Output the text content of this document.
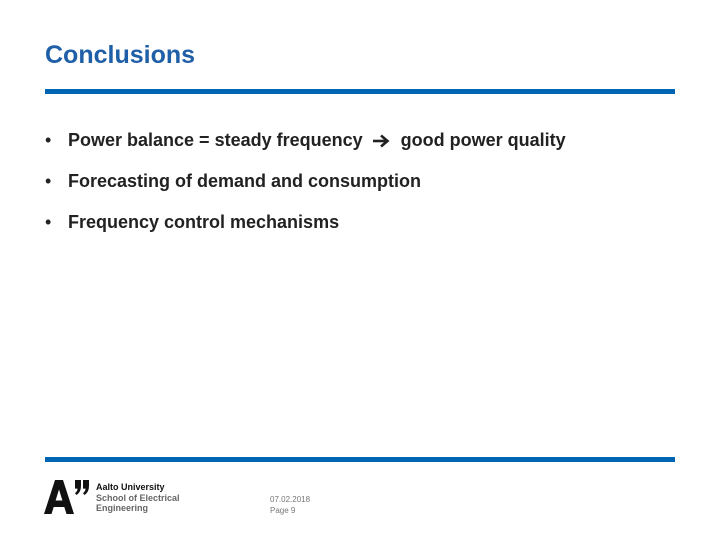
Conclusions
• Power balance = steady frequency good power quality
• Forecasting of demand and consumption
• Frequency control mechanisms
Aalto University
School of Electrical
Engineering
07.02.2018
Page 9
